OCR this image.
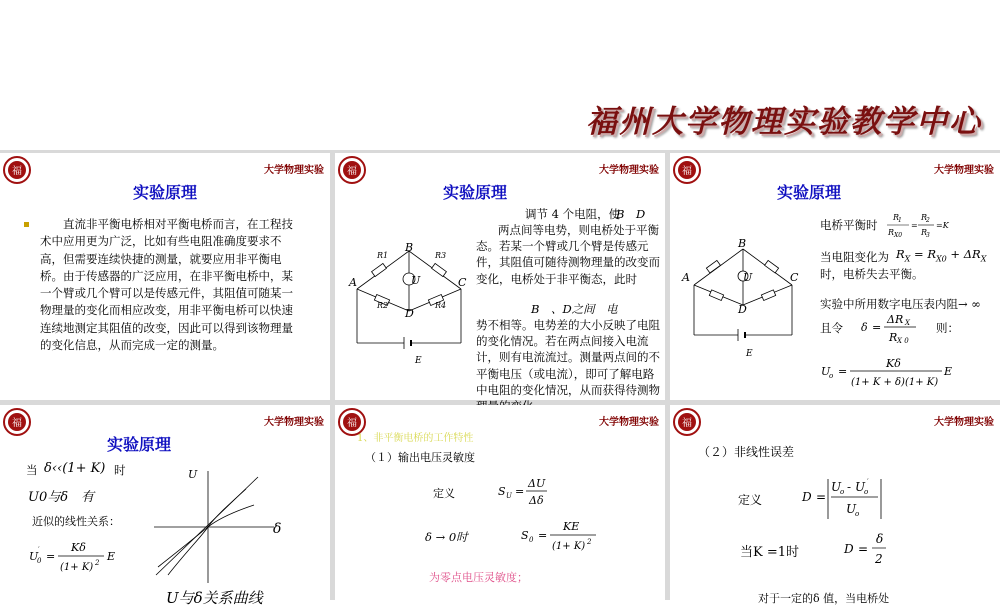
福州大学物理实验教学中心
福	大学物理实验
实验原理
　　直流非平衡电桥相对平衡电桥而言，在工程技术中应用更为广泛，比如有些电阻准确度要求不高，但需要连续快捷的测量，就要应用非平衡电桥。由于传感器的广泛应用，在非平衡电桥中，某一个臂或几个臂可以是传感元件，其阻值可随某一物理量的变化而相应改变，用非平衡电桥可以快速连续地测定其阻值的改变，因此可以得到该物理量的变化信息，从而完成一定的测量。
福	大学物理实验
实验原理
A
B
C
D
U
E
R1	R3
R2	R4
调节 4 个电阻，使
B　D
两点间等电势，则电桥处于平衡态。若某一个臂或几个臂是传感元件，其阻值可随待测物理量的改变而变化，电桥处于非平衡态，此时
B　、D之间　电
势不相等。电势差的大小反映了电阻的变化情况。若在两点间接入电流计，则有电流流过。测量两点间的不平衡电压（或电流），即可了解电路中电阻的变化情况，从而获得待测物
福	大学物理实验
实验原理
A
B
C
D
U
E
电桥平衡时
R
1
R X0
=
R
2
R
3
=K
当电阻变化为 $R_X = R_{X0} + \Delta R_X$
时，电桥失去平衡。
实验中所用数字电压表内阻→ ∞
且令 δ =
ΔR X
R X 0
则：
U
o =
Kδ
(1+ K + δ)(1+ K)
E
福	大学物理实验
实验原理
当 δ‹‹(1+ K) 时
U0与δ　有
近似的线性关系：
U
0
′ =
Kδ
(1+ K) 2 E
U
δ
U与δ关系曲线
福	大学物理实验
1、非平衡电桥的工作特性
（１）输出电压灵敏度
定义	S U =
ΔU
Δδ
δ → 0时	S 0 =
KE
(1+ K) 2
为零点电压灵敏度；
福	大学物理实验
（２）非线性误差
定义	D =
U
o - U
o
′
U
o
当K =1时	D =
δ
2
对于一定的δ 值，当电桥处
